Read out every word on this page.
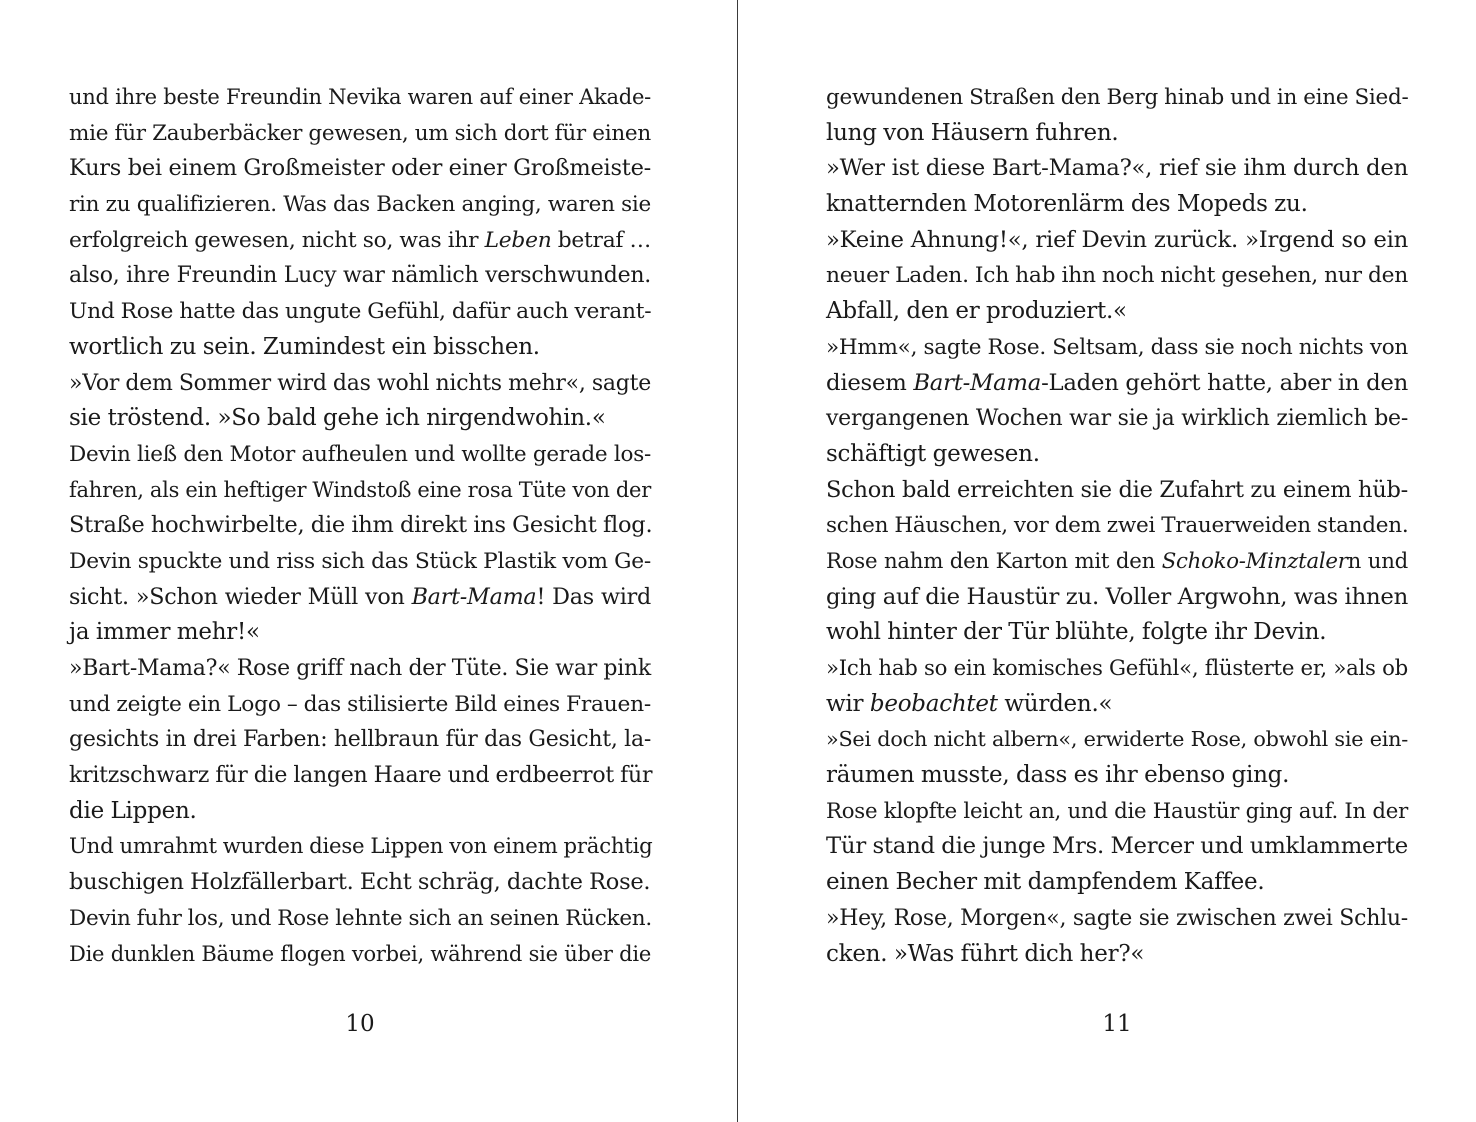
und ihre beste Freundin Nevika waren auf einer Akade-
mie für Zauberbäcker gewesen, um sich dort für einen
Kurs bei einem Großmeister oder einer Großmeiste-
rin zu qualifizieren. Was das Backen anging, waren sie
erfolgreich gewesen, nicht so, was ihr Leben betraf …
also, ihre Freundin Lucy war nämlich verschwunden.
Und Rose hatte das ungute Gefühl, dafür auch verant-
wortlich zu sein. Zumindest ein bisschen.
»Vor dem Sommer wird das wohl nichts mehr«, sagte
sie tröstend. »So bald gehe ich nirgendwohin.«
Devin ließ den Motor aufheulen und wollte gerade los-
fahren, als ein heftiger Windstoß eine rosa Tüte von der
Straße hochwirbelte, die ihm direkt ins Gesicht flog.
Devin spuckte und riss sich das Stück Plastik vom Ge-
sicht. »Schon wieder Müll von Bart-Mama! Das wird
ja immer mehr!«
»Bart-Mama?« Rose griff nach der Tüte. Sie war pink
und zeigte ein Logo – das stilisierte Bild eines Frauen-
gesichts in drei Farben: hellbraun für das Gesicht, la-
kritzschwarz für die langen Haare und erdbeerrot für
die Lippen.
Und umrahmt wurden diese Lippen von einem prächtig
buschigen Holzfällerbart. Echt schräg, dachte Rose.
Devin fuhr los, und Rose lehnte sich an seinen Rücken.
Die dunklen Bäume flogen vorbei, während sie über die
gewundenen Straßen den Berg hinab und in eine Sied-
lung von Häusern fuhren.
»Wer ist diese Bart-Mama?«, rief sie ihm durch den
knatternden Motorenlärm des Mopeds zu.
»Keine Ahnung!«, rief Devin zurück. »Irgend so ein
neuer Laden. Ich hab ihn noch nicht gesehen, nur den
Abfall, den er produziert.«
»Hmm«, sagte Rose. Seltsam, dass sie noch nichts von
diesem Bart-Mama-Laden gehört hatte, aber in den
vergangenen Wochen war sie ja wirklich ziemlich be-
schäftigt gewesen.
Schon bald erreichten sie die Zufahrt zu einem hüb-
schen Häuschen, vor dem zwei Trauerweiden standen.
Rose nahm den Karton mit den Schoko-Minztalern und
ging auf die Haustür zu. Voller Argwohn, was ihnen
wohl hinter der Tür blühte, folgte ihr Devin.
»Ich hab so ein komisches Gefühl«, flüsterte er, »als ob
wir beobachtet würden.«
»Sei doch nicht albern«, erwiderte Rose, obwohl sie ein-
räumen musste, dass es ihr ebenso ging.
Rose klopfte leicht an, und die Haustür ging auf. In der
Tür stand die junge Mrs. Mercer und umklammerte
einen Becher mit dampfendem Kaffee.
»Hey, Rose, Morgen«, sagte sie zwischen zwei Schlu-
cken. »Was führt dich her?«
10	11
